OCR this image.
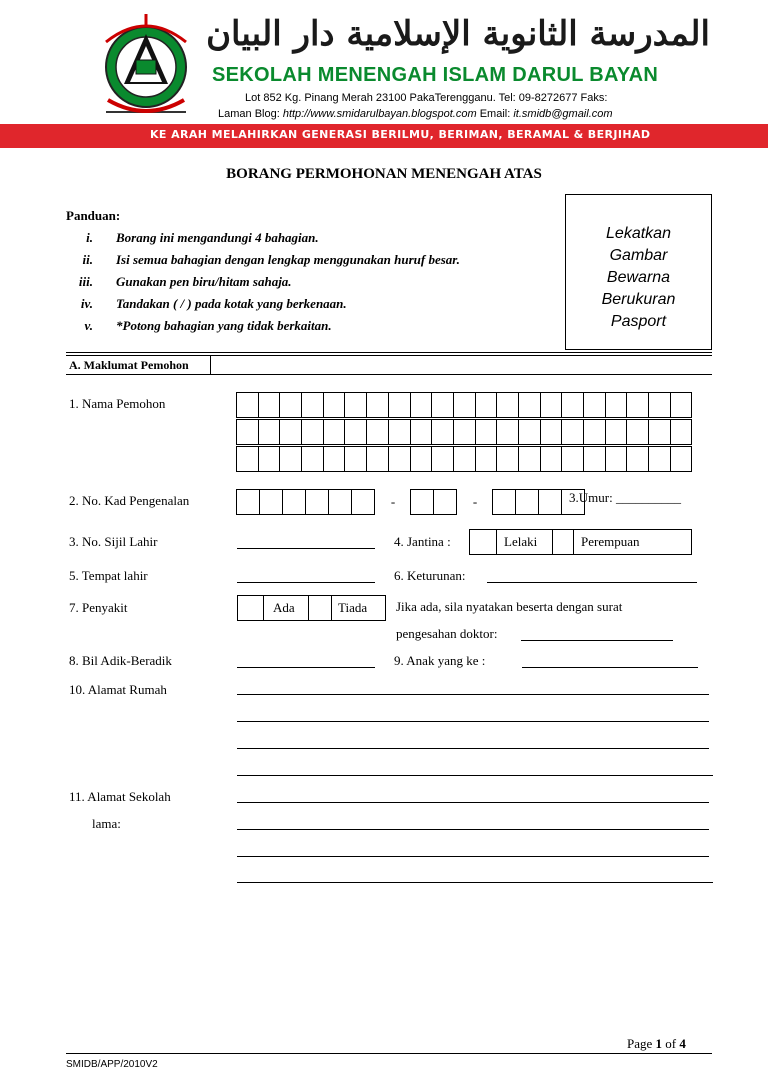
المدرسة الثانوية الإسلامية دار البيان
SEKOLAH MENENGAH ISLAM DARUL BAYAN
Lot 852 Kg. Pinang Merah 23100 PakaTerengganu. Tel: 09-8272677 Faks:
Laman Blog: http://www.smidarulbayan.blogspot.com Email: it.smidb@gmail.com
KE ARAH MELAHIRKAN GENERASI BERILMU, BERIMAN, BERAMAL & BERJIHAD
BORANG PERMOHONAN MENENGAH ATAS
Panduan:
i. Borang ini mengandungi 4 bahagian.
ii. Isi semua bahagian dengan lengkap menggunakan huruf besar.
iii. Gunakan pen biru/hitam sahaja.
iv. Tandakan ( / ) pada kotak yang berkenaan.
v. *Potong bahagian yang tidak berkaitan.
Lekatkan
Gambar
Bewarna
Berukuran
Pasport
A. Maklumat Pemohon
1. Nama Pemohon
2. No. Kad Pengenalan	-	-	3.Umur: __________
3. No. Sijil Lahir	4. Jantina :	Lelaki	Perempuan
5. Tempat lahir	6. Keturunan:
7. Penyakit	Ada	Tiada Jika ada, sila nyatakan beserta dengan surat
pengesahan doktor:
8. Bil Adik-Beradik	9. Anak yang ke :
10. Alamat Rumah
11. Alamat Sekolah
lama:
Page 1 of 4
SMIDB/APP/2010V2
